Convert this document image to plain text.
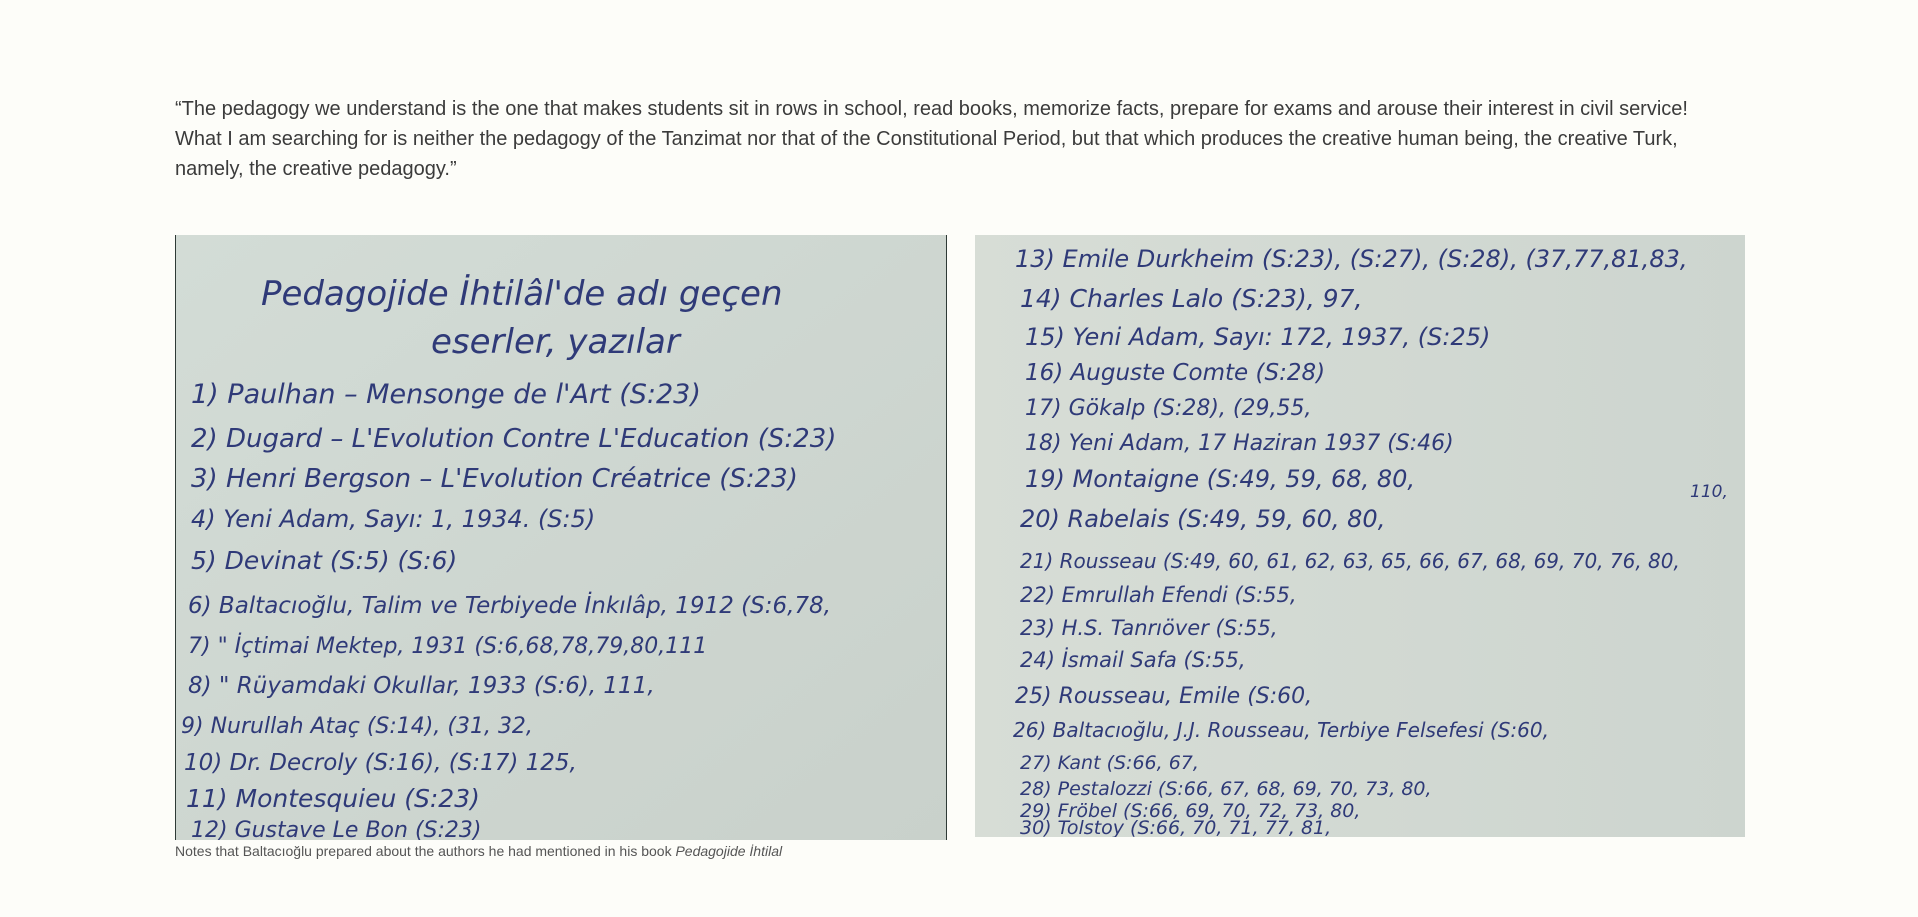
“The pedagogy we understand is the one that makes students sit in rows in school, read books, memorize facts, prepare for exams and arouse their interest in civil service! What I am searching for is neither the pedagogy of the Tanzimat nor that of the Constitutional Period, but that which produces the creative human being, the creative Turk, namely, the creative pedagogy.”

Pedagojide İhtilâl'de adı geçen
eserler, yazılar
1) Paulhan – Mensonge de l'Art (S:23)
2) Dugard – L'Evolution Contre L'Education (S:23)
3) Henri Bergson – L'Evolution Créatrice (S:23)
4) Yeni Adam, Sayı: 1, 1934. (S:5)
5) Devinat (S:5) (S:6)
6) Baltacıoğlu, Talim ve Terbiyede İnkılâp, 1912 (S:6,78,
7) " İçtimai Mektep, 1931 (S:6,68,78,79,80,111
8) " Rüyamdaki Okullar, 1933 (S:6), 111,
9) Nurullah Ataç (S:14), (31, 32,
10) Dr. Decroly (S:16), (S:17) 125,
11) Montesquieu (S:23)
12) Gustave Le Bon (S:23)
13) Emile Durkheim (S:23), (S:27), (S:28), (37,77,81,83,
14) Charles Lalo (S:23), 97,
15) Yeni Adam, Sayı: 172, 1937, (S:25)
16) Auguste Comte (S:28)
17) Gökalp (S:28), (29,55,
18) Yeni Adam, 17 Haziran 1937 (S:46)
19) Montaigne (S:49, 59, 68, 80,
20) Rabelais (S:49, 59, 60, 80,
110,
21) Rousseau (S:49, 60, 61, 62, 63, 65, 66, 67, 68, 69, 70, 76, 80,
22) Emrullah Efendi (S:55,
23) H.S. Tanrıöver (S:55,
24) İsmail Safa (S:55,
25) Rousseau, Emile (S:60,
26) Baltacıoğlu, J.J. Rousseau, Terbiye Felsefesi (S:60,
27) Kant (S:66, 67,
28) Pestalozzi (S:66, 67, 68, 69, 70, 73, 80,
29) Fröbel (S:66, 69, 70, 72, 73, 80,
30) Tolstoy (S:66, 70, 71, 77, 81,
Notes that Baltacıoğlu prepared about the authors he had mentioned in his book Pedagojide İhtilal
